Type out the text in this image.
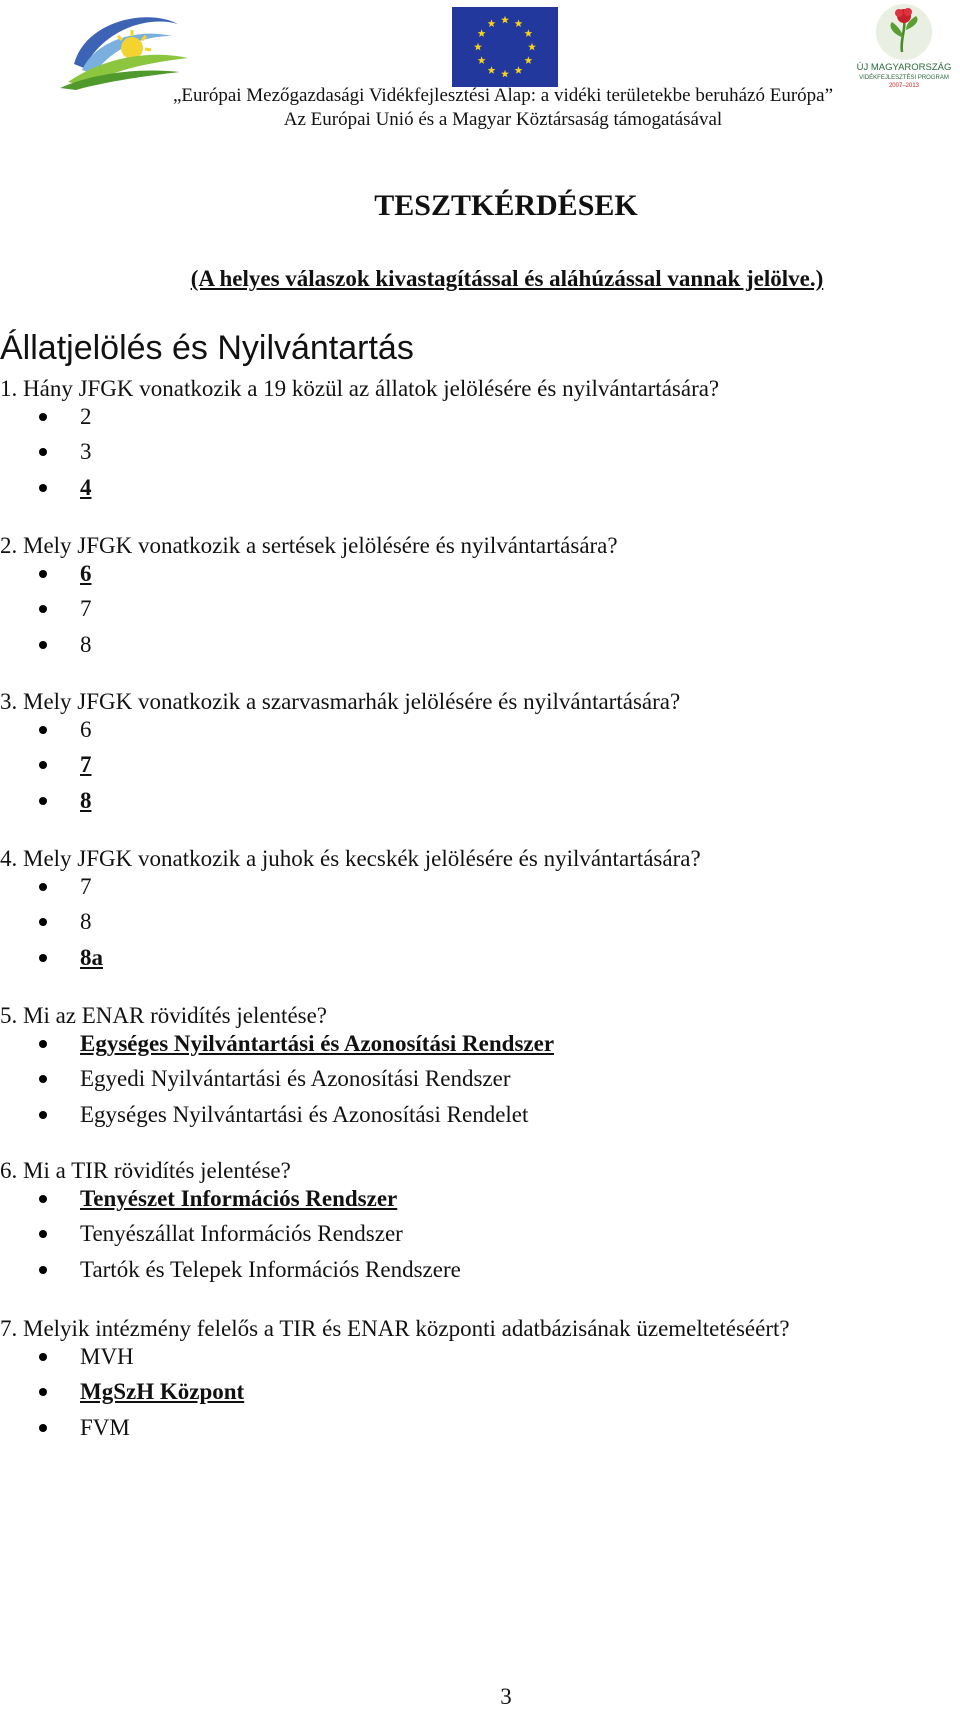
ÚJ MAGYARORSZÁG
VIDÉKFEJLESZTÉSI PROGRAM
2007–2013
„Európai Mezőgazdasági Vidékfejlesztési Alap: a vidéki területekbe beruházó Európa”
Az Európai Unió és a Magyar Köztársaság támogatásával
TESZTKÉRDÉSEK
(A helyes válaszok kivastagítással és aláhúzással vannak jelölve.)
Állatjelölés és Nyilvántartás
1. Hány JFGK vonatkozik a 19 közül az állatok jelölésére és nyilvántartására?
2
3
4
2. Mely JFGK vonatkozik a sertések jelölésére és nyilvántartására?
6
7
8
3. Mely JFGK vonatkozik a szarvasmarhák jelölésére és nyilvántartására?
6
7
8
4. Mely JFGK vonatkozik a juhok és kecskék jelölésére és nyilvántartására?
7
8
8a
5. Mi az ENAR rövidítés jelentése?
Egységes Nyilvántartási és Azonosítási Rendszer
Egyedi Nyilvántartási és Azonosítási Rendszer
Egységes Nyilvántartási és Azonosítási Rendelet
6. Mi a TIR rövidítés jelentése?
Tenyészet Információs Rendszer
Tenyészállat Információs Rendszer
Tartók és Telepek Információs Rendszere
7. Melyik intézmény felelős a TIR és ENAR központi adatbázisának üzemeltetéséért?
MVH
MgSzH Központ
FVM
3
